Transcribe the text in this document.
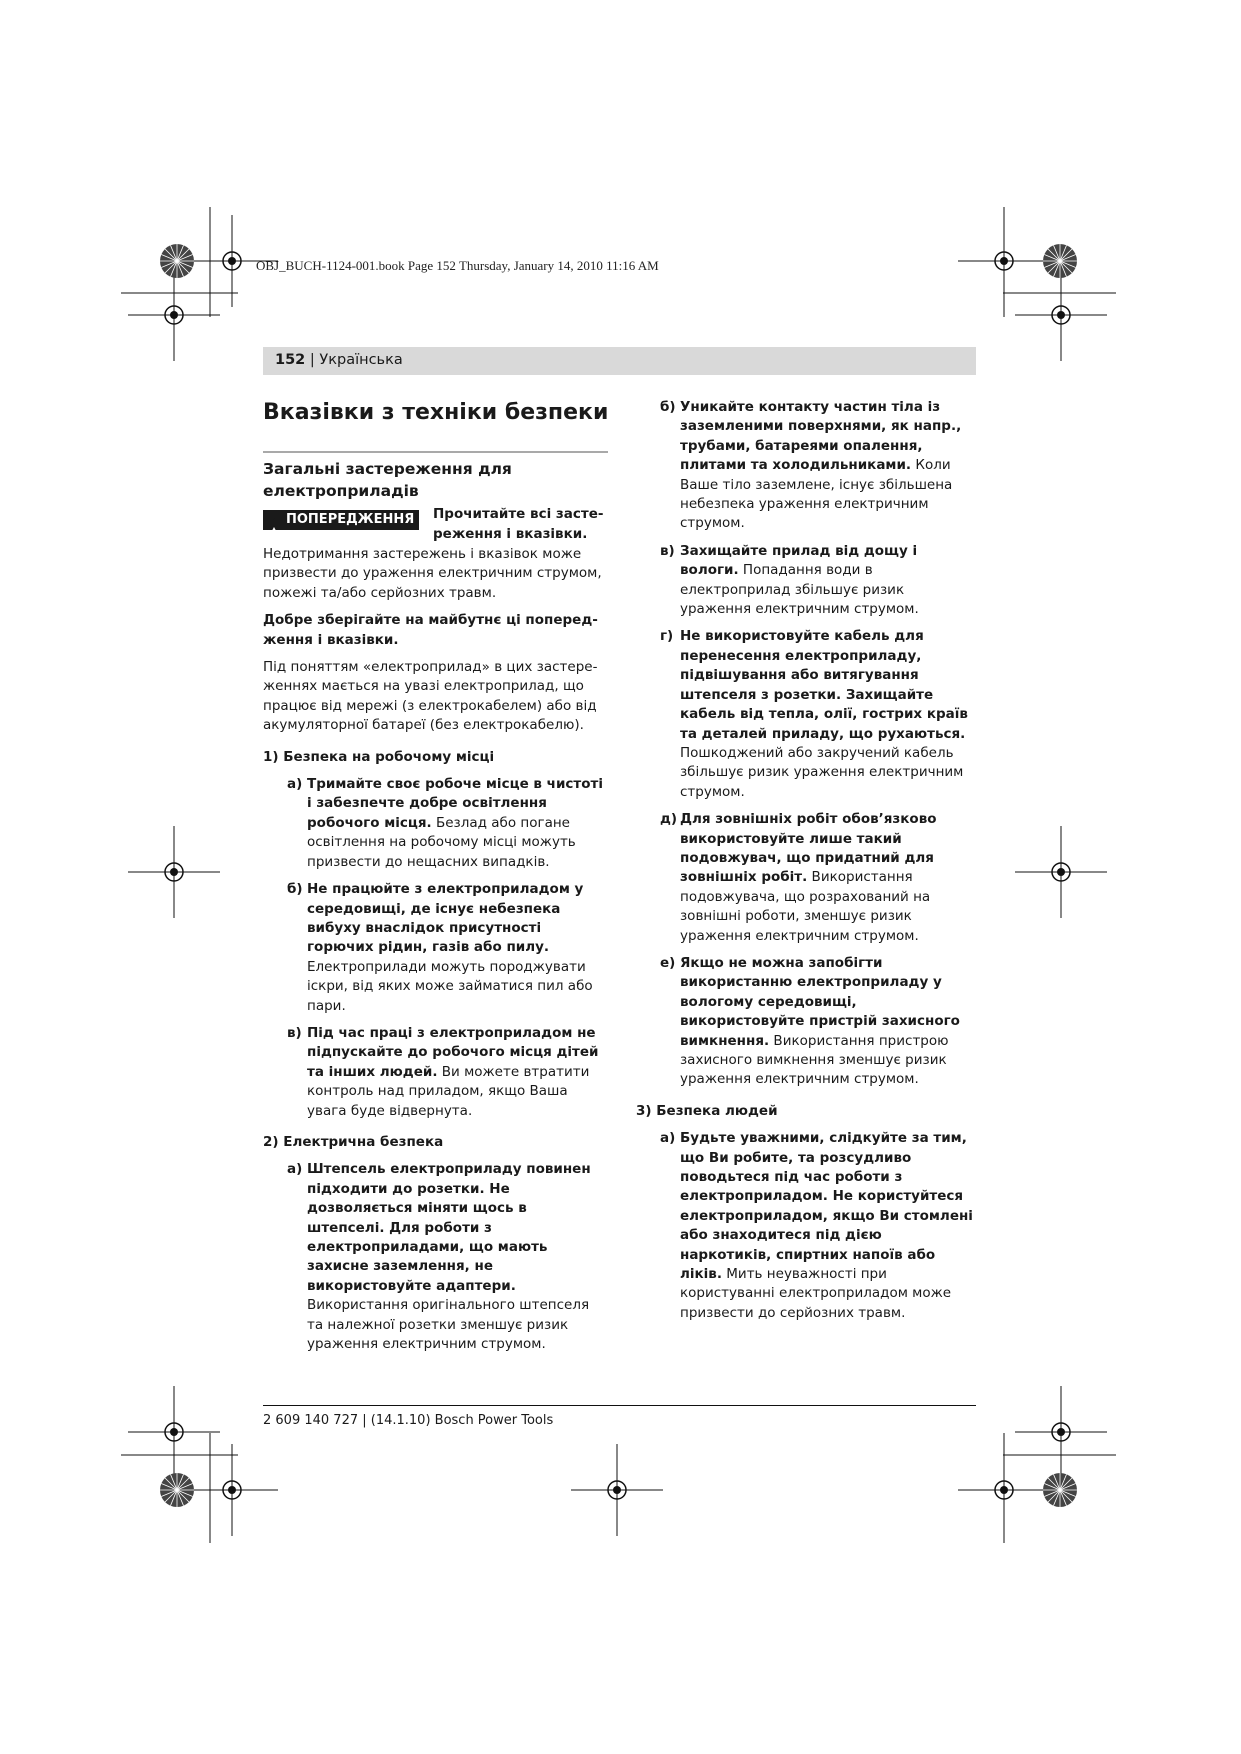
OBJ_BUCH-1124-001.book Page 152 Thursday, January 14, 2010 11:16 AM
152 | Українська
Вказівки з техніки безпеки
Загальні застереження для електроприладів
! ПОПЕРЕДЖЕННЯ Прочитайте всі засте-реження і вказівки.

Недотримання застережень і вказівок може призвести до ураження електричним струмом, пожежі та/або серйозних травм.

Добре зберігайте на майбутнє ці поперед-ження і вказівки.

Під поняттям «електроприлад» в цих застере-женнях мається на увазі електроприлад, що працює від мережі (з електрокабелем) або від акумуляторної батареї (без електрокабелю).

1) Безпека на робочому місці
а) Тримайте своє робоче місце в чистоті і забезпечте добре освітлення робочого місця. Безлад або погане освітлення на робочому місці можуть призвести до нещасних випадків.
б) Не працюйте з електроприладом у середовищі, де існує небезпека вибуху внаслідок присутності горючих рідин, газів або пилу. Електроприлади можуть породжувати іскри, від яких може займатися пил або пари.
в) Під час праці з електроприладом не підпускайте до робочого місця дітей та інших людей. Ви можете втратити контроль над приладом, якщо Ваша увага буде відвернута.
2) Електрична безпека
а) Штепсель електроприладу повинен підходити до розетки. Не дозволяється міняти щось в штепселі. Для роботи з електроприладами, що мають захисне заземлення, не використовуйте адаптери. Використання оригінального штепселя та належної розетки зменшує ризик ураження електричним струмом.
б) Уникайте контакту частин тіла із заземленими поверхнями, як напр., трубами, батареями опалення, плитами та холодильниками. Коли Ваше тіло заземлене, існує збільшена небезпека ураження електричним струмом.
в) Захищайте прилад від дощу і вологи. Попадання води в електроприлад збільшує ризик ураження електричним струмом.
г) Не використовуйте кабель для перенесення електроприладу, підвішування або витягування штепселя з розетки. Захищайте кабель від тепла, олії, гострих країв та деталей приладу, що рухаються. Пошкоджений або закручений кабель збільшує ризик ураження електричним струмом.
д) Для зовнішніх робіт обов’язково використовуйте лише такий подовжувач, що придатний для зовнішніх робіт. Використання подовжувача, що розрахований на зовнішні роботи, зменшує ризик ураження електричним струмом.
е) Якщо не можна запобігти використанню електроприладу у вологому середовищі, використовуйте пристрій захисного вимкнення. Використання пристрою захисного вимкнення зменшує ризик ураження електричним струмом.
3) Безпека людей
а) Будьте уважними, слідкуйте за тим, що Ви робите, та розсудливо поводьтеся під час роботи з електроприладом. Не користуйтеся електроприладом, якщо Ви стомлені або знаходитеся під дією наркотиків, спиртних напоїв або ліків. Мить неуважності при користуванні електроприладом може призвести до серйозних травм.
2 609 140 727 | (14.1.10) Bosch Power Tools
